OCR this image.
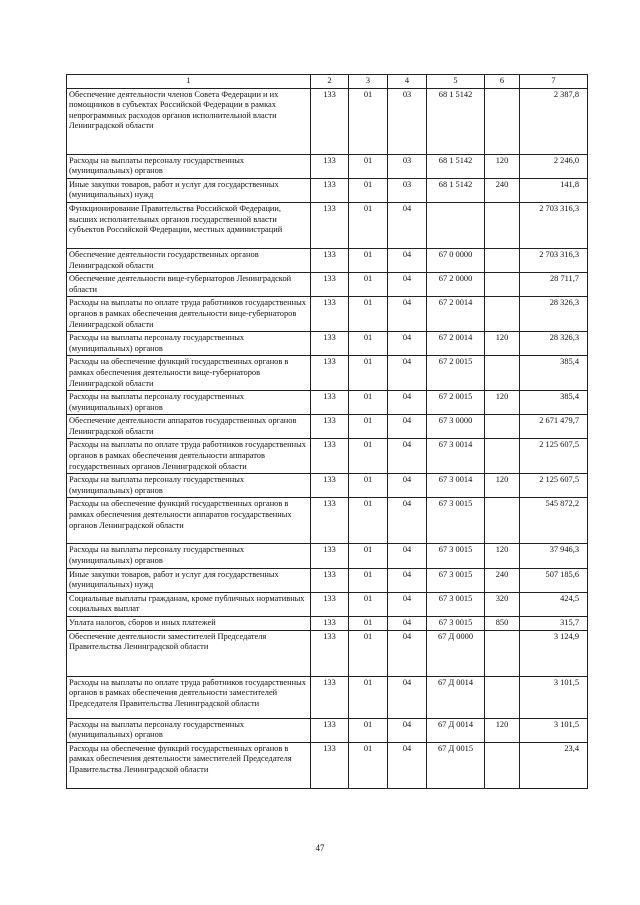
1	2	3	4	5	6	7
Обеспечение деятельности членов Совета Федерации и их помощников в субъектах Российской Федерации в рамках непрограммных расходов органов исполнительной власти Ленинградской области	133	01	03	68 1 5142		2 387,8
Расходы на выплаты персоналу государственных (муниципальных) органов	133	01	03	68 1 5142	120	2 246,0
Иные закупки товаров, работ и услуг для государственных (муниципальных) нужд	133	01	03	68 1 5142	240	141,8
Функционирование Правительства Российской Федерации, высших исполнительных органов государственной власти субъектов Российской Федерации, местных администраций	133	01	04			2 703 316,3
Обеспечение деятельности государственных органов Ленинградской области	133	01	04	67 0 0000		2 703 316,3
Обеспечение деятельности вице-губернаторов Ленинградской области	133	01	04	67 2 0000		28 711,7
Расходы на выплаты по оплате труда работников государственных органов в рамках обеспечения деятельности вице-губернаторов Ленинградской области	133	01	04	67 2 0014		28 326,3
Расходы на выплаты персоналу государственных (муниципальных) органов	133	01	04	67 2 0014	120	28 326,3
Расходы на обеспечение функций государственных органов в рамках обеспечения деятельности вице-губернаторов Ленинградской области	133	01	04	67 2 0015		385,4
Расходы на выплаты персоналу государственных (муниципальных) органов	133	01	04	67 2 0015	120	385,4
Обеспечение деятельности аппаратов государственных органов Ленинградской области	133	01	04	67 3 0000		2 671 479,7
Расходы на выплаты по оплате труда работников государственных органов в рамках обеспечения деятельности аппаратов государственных органов Ленинградской области	133	01	04	67 3 0014		2 125 607,5
Расходы на выплаты персоналу государственных (муниципальных) органов	133	01	04	67 3 0014	120	2 125 607,5
Расходы на обеспечение функций государственных органов в рамках обеспечения деятельности аппаратов государственных органов Ленинградской области	133	01	04	67 3 0015		545 872,2
Расходы на выплаты персоналу государственных (муниципальных) органов	133	01	04	67 3 0015	120	37 946,3
Иные закупки товаров, работ и услуг для государственных (муниципальных) нужд	133	01	04	67 3 0015	240	507 185,6
Социальные выплаты гражданам, кроме публичных нормативных социальных выплат	133	01	04	67 3 0015	320	424,5
Уплата налогов, сборов и иных платежей	133	01	04	67 3 0015	850	315,7
Обеспечение деятельности заместителей Председателя Правительства Ленинградской области	133	01	04	67 Д 0000		3 124,9
Расходы на выплаты по оплате труда работников государственных органов в рамках обеспечения деятельности заместителей Председателя Правительства Ленинградской области	133	01	04	67 Д 0014		3 101,5
Расходы на выплаты персоналу государственных (муниципальных) органов	133	01	04	67 Д 0014	120	3 101,5
Расходы на обеспечение функций государственных органов в рамках обеспечения деятельности заместителей Председателя Правительства Ленинградской области	133	01	04	67 Д 0015		23,4
47
